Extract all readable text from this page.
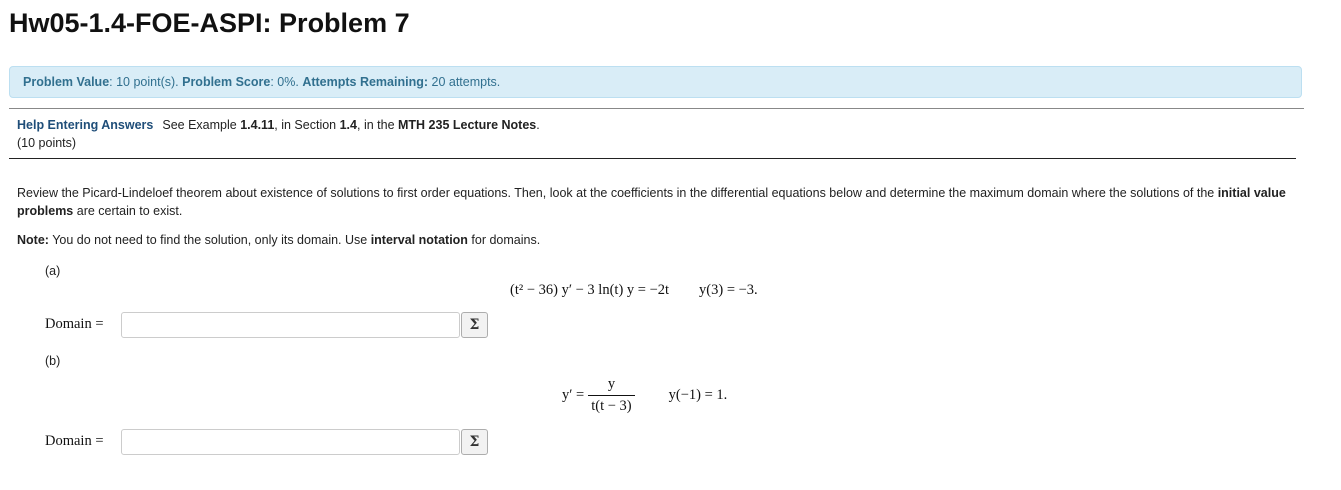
Hw05-1.4-FOE-ASPI: Problem 7
Problem Value: 10 point(s). Problem Score: 0%. Attempts Remaining: 20 attempts.
Help Entering Answers See Example 1.4.11, in Section 1.4, in the MTH 235 Lecture Notes.
(10 points)
Review the Picard-Lindeloef theorem about existence of solutions to first order equations. Then, look at the coefficients in the differential equations below and determine the maximum domain where the solutions of the initial value problems are certain to exist.
Note: You do not need to find the solution, only its domain. Use interval notation for domains.
(a)
(t² − 36) y′ − 3 ln(t) y = −2t y(3) = −3.
Domain =	Σ
(b)
$y' = \frac{y}{t(t - 3)} y(-1) = 1$.
Domain =	Σ
